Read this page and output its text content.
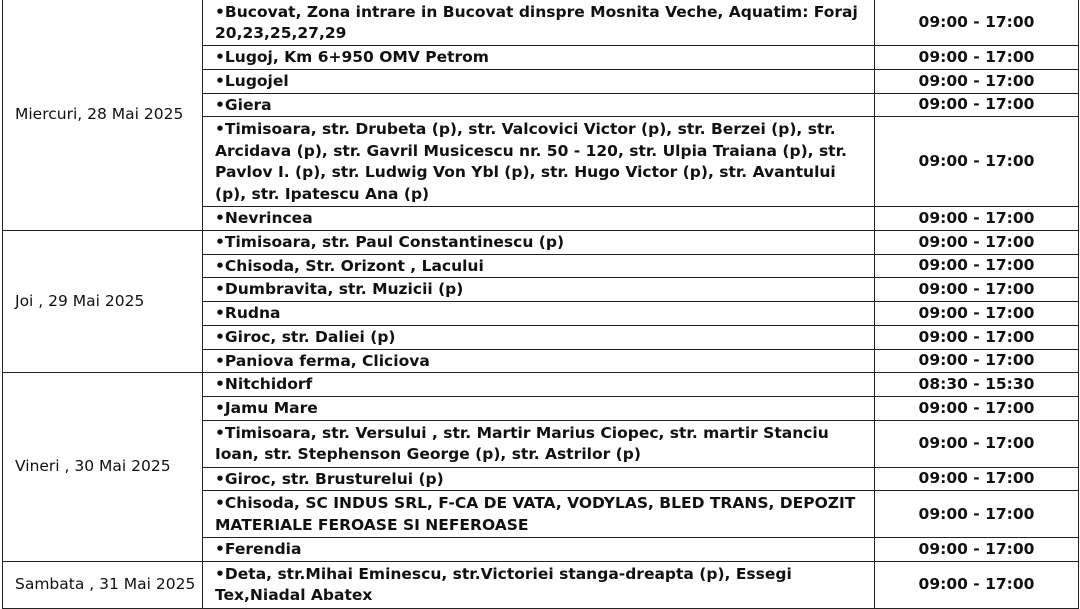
Miercuri, 28 Mai 2025	•Bucovat, Zona intrare in Bucovat dinspre Mosnita Veche, Aquatim: Foraj 20,23,25,27,29	09:00 - 17:00
	•Lugoj, Km 6+950 OMV Petrom	09:00 - 17:00
	•Lugojel	09:00 - 17:00
	•Giera	09:00 - 17:00
	•Timisoara, str. Drubeta (p), str. Valcovici Victor (p), str. Berzei (p), str. Arcidava (p), str. Gavril Musicescu nr. 50 - 120, str. Ulpia Traiana (p), str. Pavlov I. (p), str. Ludwig Von Ybl (p), str. Hugo Victor (p), str. Avantului (p), str. Ipatescu Ana (p)	09:00 - 17:00
	•Nevrincea	09:00 - 17:00
Joi , 29 Mai 2025	•Timisoara, str. Paul Constantinescu (p)	09:00 - 17:00
	•Chisoda, Str. Orizont , Lacului	09:00 - 17:00
	•Dumbravita, str. Muzicii (p)	09:00 - 17:00
	•Rudna	09:00 - 17:00
	•Giroc, str. Daliei (p)	09:00 - 17:00
	•Paniova ferma, Cliciova	09:00 - 17:00
Vineri , 30 Mai 2025	•Nitchidorf	08:30 - 15:30
	•Jamu Mare	09:00 - 17:00
	•Timisoara, str. Versului , str. Martir Marius Ciopec, str. martir Stanciu Ioan, str. Stephenson George (p), str. Astrilor (p)	09:00 - 17:00
	•Giroc, str. Brusturelui (p)	09:00 - 17:00
	•Chisoda, SC INDUS SRL, F-CA DE VATA, VODYLAS, BLED TRANS, DEPOZIT MATERIALE FEROASE SI NEFEROASE	09:00 - 17:00
	•Ferendia	09:00 - 17:00
Sambata , 31 Mai 2025	•Deta, str.Mihai Eminescu, str.Victoriei stanga-dreapta (p), Essegi Tex,Niadal Abatex	09:00 - 17:00
